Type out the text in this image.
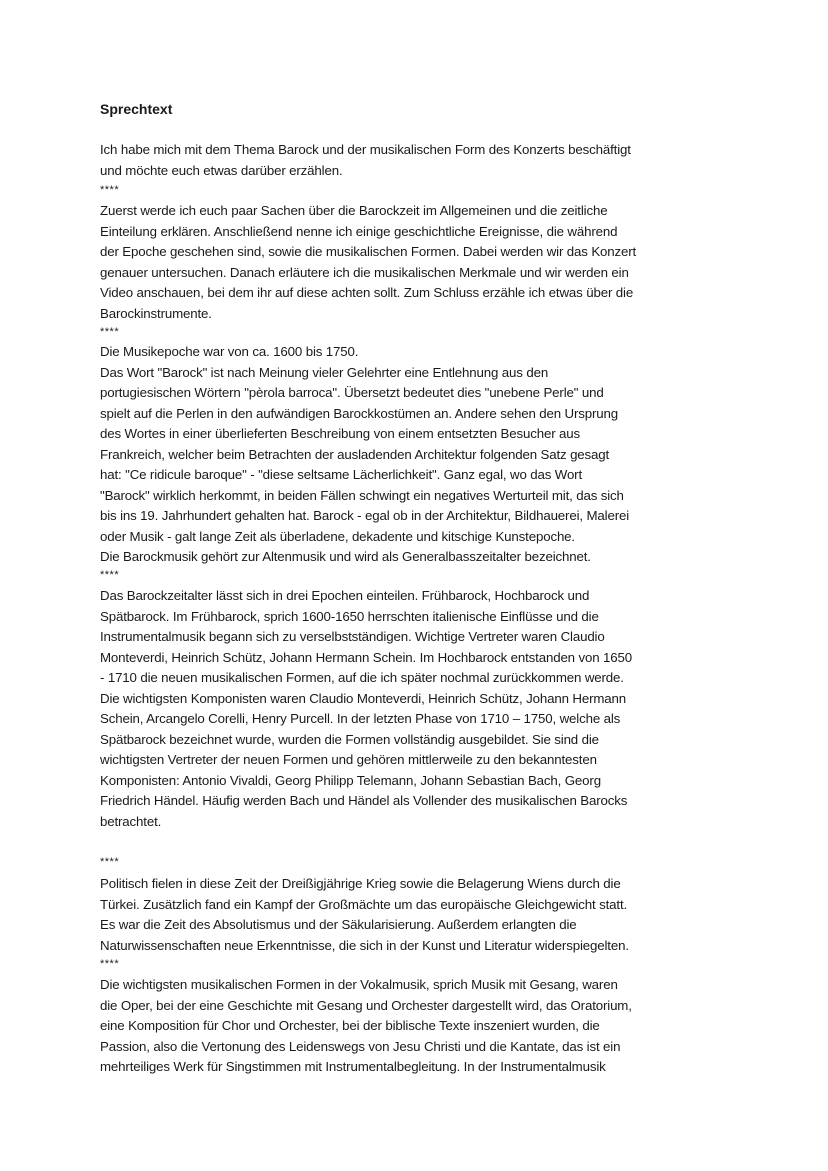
Sprechtext
Ich habe mich mit dem Thema Barock und der musikalischen Form des Konzerts beschäftigt
und möchte euch etwas darüber erzählen.
****
Zuerst werde ich euch paar Sachen über die Barockzeit im Allgemeinen und die zeitliche
Einteilung erklären. Anschließend nenne ich einige geschichtliche Ereignisse, die während
der Epoche geschehen sind, sowie die musikalischen Formen. Dabei werden wir das Konzert
genauer untersuchen. Danach erläutere ich die musikalischen Merkmale und wir werden ein
Video anschauen, bei dem ihr auf diese achten sollt. Zum Schluss erzähle ich etwas über die
Barockinstrumente.
****
Die Musikepoche war von ca. 1600 bis 1750.
Das Wort "Barock" ist nach Meinung vieler Gelehrter eine Entlehnung aus den
portugiesischen Wörtern "pèrola barroca". Übersetzt bedeutet dies "unebene Perle" und
spielt auf die Perlen in den aufwändigen Barockkostümen an. Andere sehen den Ursprung
des Wortes in einer überlieferten Beschreibung von einem entsetzten Besucher aus
Frankreich, welcher beim Betrachten der ausladenden Architektur folgenden Satz gesagt
hat: "Ce ridicule baroque" - "diese seltsame Lächerlichkeit". Ganz egal, wo das Wort
"Barock" wirklich herkommt, in beiden Fällen schwingt ein negatives Werturteil mit, das sich
bis ins 19. Jahrhundert gehalten hat. Barock - egal ob in der Architektur, Bildhauerei, Malerei
oder Musik - galt lange Zeit als überladene, dekadente und kitschige Kunstepoche.
Die Barockmusik gehört zur Altenmusik und wird als Generalbasszeitalter bezeichnet.
****
Das Barockzeitalter lässt sich in drei Epochen einteilen. Frühbarock, Hochbarock und
Spätbarock. Im Frühbarock, sprich 1600-1650 herrschten italienische Einflüsse und die
Instrumentalmusik begann sich zu verselbstständigen. Wichtige Vertreter waren Claudio
Monteverdi, Heinrich Schütz, Johann Hermann Schein. Im Hochbarock entstanden von 1650
- 1710 die neuen musikalischen Formen, auf die ich später nochmal zurückkommen werde.
Die wichtigsten Komponisten waren Claudio Monteverdi, Heinrich Schütz, Johann Hermann
Schein, Arcangelo Corelli, Henry Purcell. In der letzten Phase von 1710 – 1750, welche als
Spätbarock bezeichnet wurde, wurden die Formen vollständig ausgebildet. Sie sind die
wichtigsten Vertreter der neuen Formen und gehören mittlerweile zu den bekanntesten
Komponisten: Antonio Vivaldi, Georg Philipp Telemann, Johann Sebastian Bach, Georg
Friedrich Händel. Häufig werden Bach und Händel als Vollender des musikalischen Barocks
betrachtet.
****
Politisch fielen in diese Zeit der Dreißigjährige Krieg sowie die Belagerung Wiens durch die
Türkei. Zusätzlich fand ein Kampf der Großmächte um das europäische Gleichgewicht statt.
Es war die Zeit des Absolutismus und der Säkularisierung. Außerdem erlangten die
Naturwissenschaften neue Erkenntnisse, die sich in der Kunst und Literatur widerspiegelten.
****
Die wichtigsten musikalischen Formen in der Vokalmusik, sprich Musik mit Gesang, waren
die Oper, bei der eine Geschichte mit Gesang und Orchester dargestellt wird, das Oratorium,
eine Komposition für Chor und Orchester, bei der biblische Texte inszeniert wurden, die
Passion, also die Vertonung des Leidenswegs von Jesu Christi und die Kantate, das ist ein
mehrteiliges Werk für Singstimmen mit Instrumentalbegleitung. In der Instrumentalmusik
